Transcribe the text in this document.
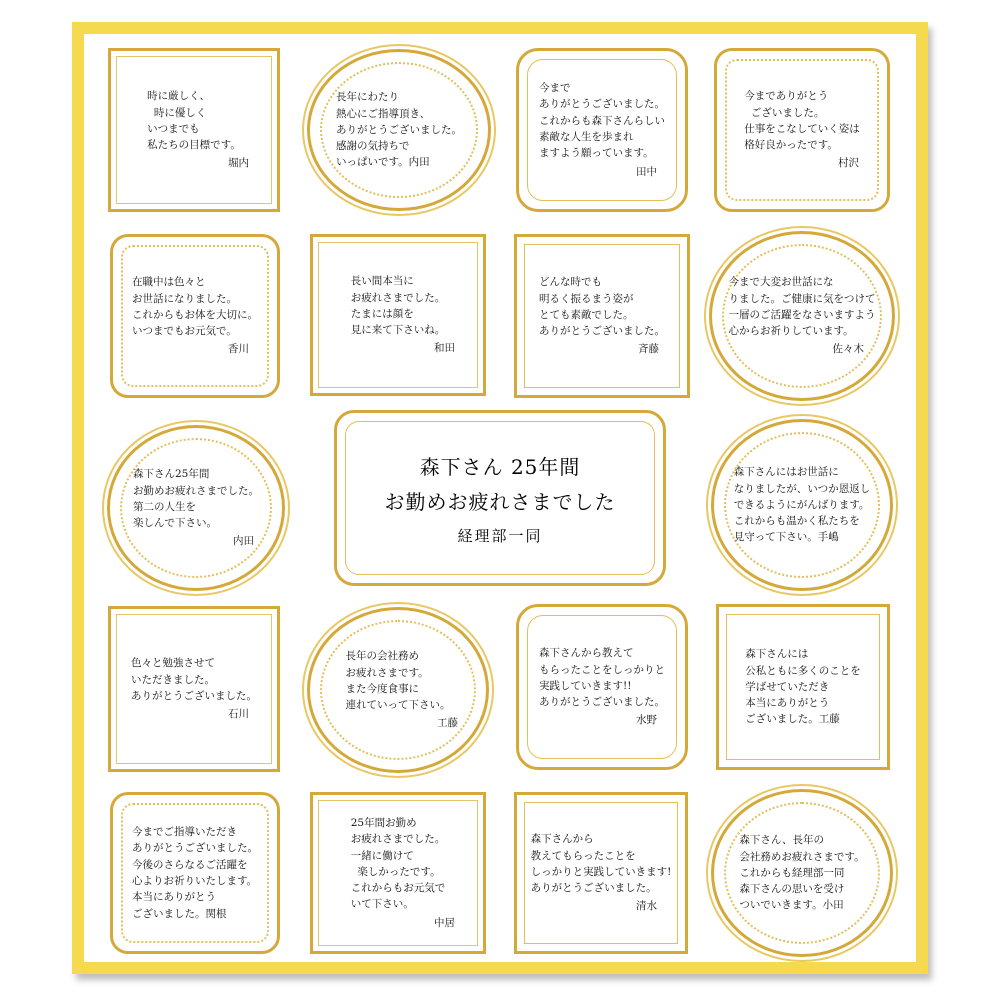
時に厳しく、
時に優しく
いつまでも
私たちの目標です。
堀内
長年にわたり
熱心にご指導頂き、
ありがとうございました。
感謝の気持ちで
いっぱいです。内田
今まで
ありがとうございました。
これからも森下さんらしい
素敵な人生を歩まれ
ますよう願っています。
田中
今までありがとう
ございました。
仕事をこなしていく姿は
格好良かったです。
村沢
在職中は色々と
お世話になりました。
これからもお体を大切に。
いつまでもお元気で。
香川
長い間本当に
お疲れさまでした。
たまには顔を
見に来て下さいね。
和田
どんな時でも
明るく振るまう姿が
とても素敵でした。
ありがとうございました。
斉藤
今まで大変お世話にな
りました。ご健康に気をつけて
一層のご活躍をなさいますよう
心からお祈りしています。
佐々木
森下さん25年間
お勤めお疲れさまでした。
第二の人生を
楽しんで下さい。
内田
森下さん 25年間
お勤めお疲れさまでした
経理部一同
森下さんにはお世話に
なりましたが、いつか恩返し
できるようにがんばります。
これからも温かく私たちを
見守って下さい。手嶋
色々と勉強させて
いただきました。
ありがとうございました。
石川
長年の会社務め
お疲れさまです。
また今度食事に
連れていって下さい。
工藤
森下さんから教えて
もらったことをしっかりと
実践していきます!!
ありがとうございました。
水野
森下さんには
公私ともに多くのことを
学ばせていただき
本当にありがとう
ございました。工藤
今までご指導いただき
ありがとうございました。
今後のさらなるご活躍を
心よりお祈りいたします。
本当にありがとう
ございました。関根
25年間お勤め
お疲れさまでした。
一緒に働けて
楽しかったです。
これからもお元気で
いて下さい。
中居
森下さんから
教えてもらったことを
しっかりと実践していきます!
ありがとうございました。
清水
森下さん、長年の
会社務めお疲れさまです。
これからも経理部一同
森下さんの思いを受け
ついでいきます。小田
